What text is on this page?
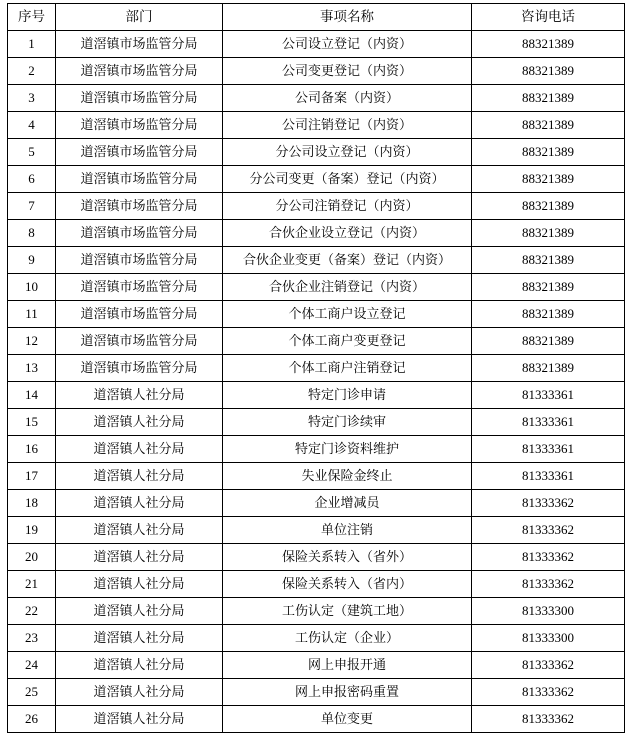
序号	部门	事项名称	咨询电话
1	道滘镇市场监管分局	公司设立登记（内资）	88321389
2	道滘镇市场监管分局	公司变更登记（内资）	88321389
3	道滘镇市场监管分局	公司备案（内资）	88321389
4	道滘镇市场监管分局	公司注销登记（内资）	88321389
5	道滘镇市场监管分局	分公司设立登记（内资）	88321389
6	道滘镇市场监管分局	分公司变更（备案）登记（内资）	88321389
7	道滘镇市场监管分局	分公司注销登记（内资）	88321389
8	道滘镇市场监管分局	合伙企业设立登记（内资）	88321389
9	道滘镇市场监管分局	合伙企业变更（备案）登记（内资）	88321389
10	道滘镇市场监管分局	合伙企业注销登记（内资）	88321389
11	道滘镇市场监管分局	个体工商户设立登记	88321389
12	道滘镇市场监管分局	个体工商户变更登记	88321389
13	道滘镇市场监管分局	个体工商户注销登记	88321389
14	道滘镇人社分局	特定门诊申请	81333361
15	道滘镇人社分局	特定门诊续审	81333361
16	道滘镇人社分局	特定门诊资料维护	81333361
17	道滘镇人社分局	失业保险金终止	81333361
18	道滘镇人社分局	企业增减员	81333362
19	道滘镇人社分局	单位注销	81333362
20	道滘镇人社分局	保险关系转入（省外）	81333362
21	道滘镇人社分局	保险关系转入（省内）	81333362
22	道滘镇人社分局	工伤认定（建筑工地）	81333300
23	道滘镇人社分局	工伤认定（企业）	81333300
24	道滘镇人社分局	网上申报开通	81333362
25	道滘镇人社分局	网上申报密码重置	81333362
26	道滘镇人社分局	单位变更	81333362
